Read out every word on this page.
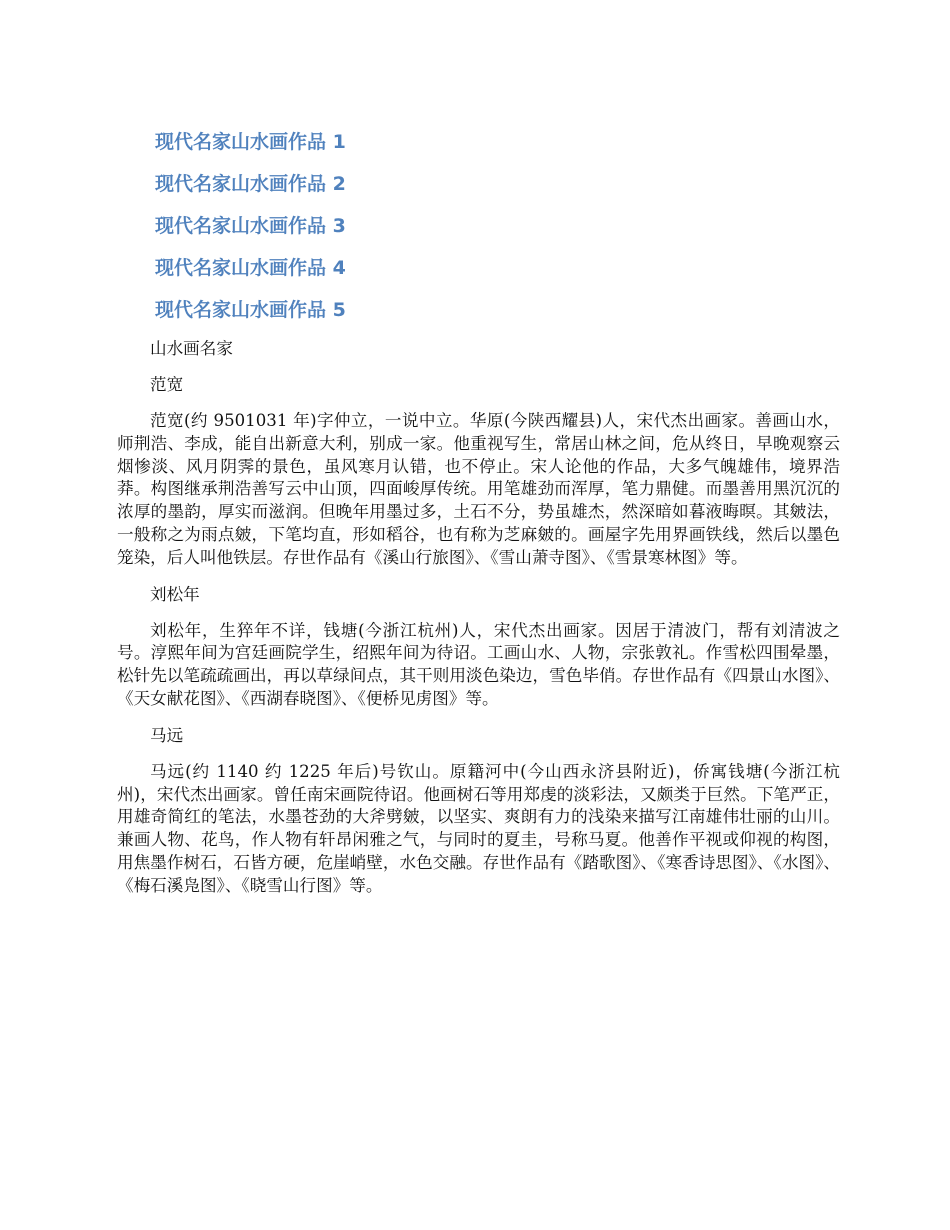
现代名家山水画作品 1
现代名家山水画作品 2
现代名家山水画作品 3
现代名家山水画作品 4
现代名家山水画作品 5

山水画名家

范宽

范宽(约 9501031 年)字仲立，一说中立。华原(今陕西耀县)人，宋代杰出画家。善画山水，师荆浩、李成，能自出新意大利，别成一家。他重视写生，常居山林之间，危从终日，早晚观察云烟惨淡、风月阴霁的景色，虽风寒月认错，也不停止。宋人论他的作品，大多气魄雄伟，境界浩莽。构图继承荆浩善写云中山顶，四面峻厚传统。用笔雄劲而浑厚，笔力鼎健。而墨善用黑沉沉的浓厚的墨韵，厚实而滋润。但晚年用墨过多，土石不分，势虽雄杰，然深暗如暮液晦暝。其皴法，一般称之为雨点皴，下笔均直，形如稻谷，也有称为芝麻皴的。画屋字先用界画铁线，然后以墨色笼染，后人叫他铁层。存世作品有《溪山行旅图》、《雪山萧寺图》、《雪景寒林图》等。

刘松年

刘松年，生猝年不详，钱塘(今浙江杭州)人，宋代杰出画家。因居于清波门，帮有刘清波之号。淳熙年间为宫廷画院学生，绍熙年间为待诏。工画山水、人物，宗张敦礼。作雪松四围晕墨，松针先以笔疏疏画出，再以草绿间点，其干则用淡色染边，雪色毕俏。存世作品有《四景山水图》、《天女献花图》、《西湖春晓图》、《便桥见虏图》等。

马远

马远(约 1140 约 1225 年后)号钦山。原籍河中(今山西永济县附近)，侨寓钱塘(今浙江杭州)，宋代杰出画家。曾任南宋画院待诏。他画树石等用郑虔的淡彩法，又颇类于巨然。下笔严正，用雄奇简红的笔法，水墨苍劲的大斧劈皴，以坚实、爽朗有力的浅染来描写江南雄伟壮丽的山川。兼画人物、花鸟，作人物有轩昂闲雅之气，与同时的夏圭，号称马夏。他善作平视或仰视的构图，用焦墨作树石，石皆方硬，危崖峭壁，水色交融。存世作品有《踏歌图》、《寒香诗思图》、《水图》、《梅石溪凫图》、《晓雪山行图》等。
